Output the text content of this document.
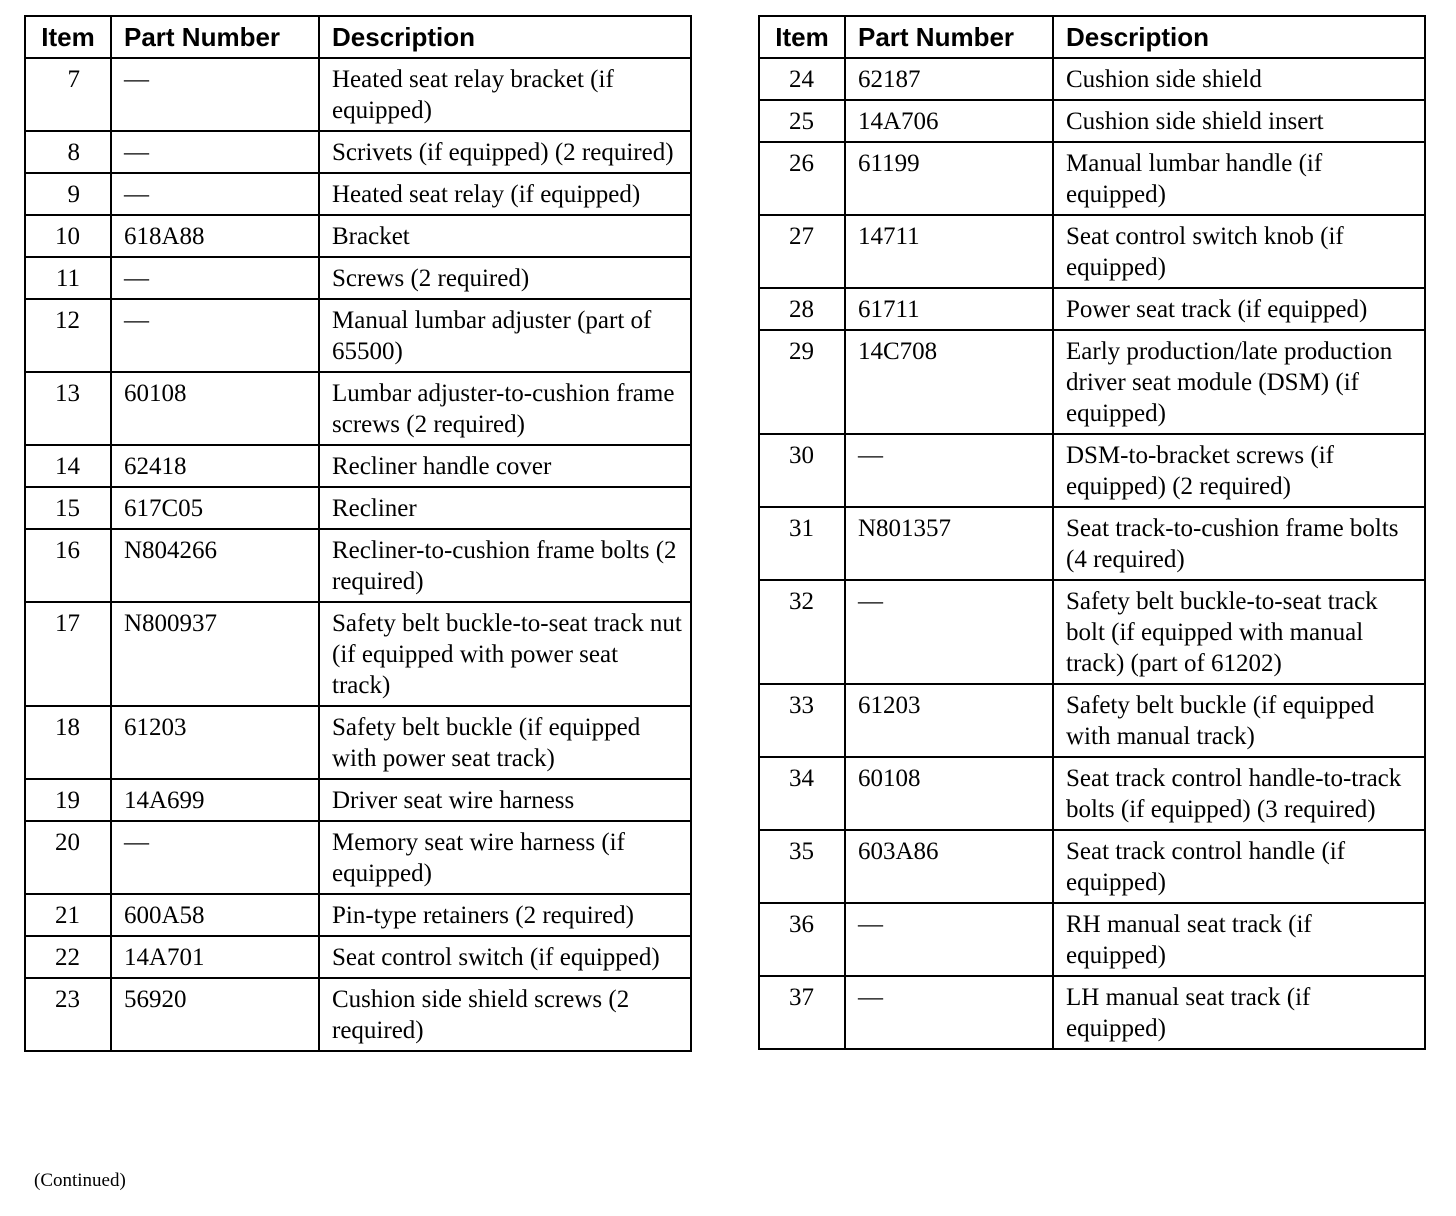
Item	Part Number	Description
7	—	Heated seat relay bracket (if equipped)
8	—	Scrivets (if equipped) (2 required)
9	—	Heated seat relay (if equipped)
10	618A88	Bracket
11	—	Screws (2 required)
12	—	Manual lumbar adjuster (part of 65500)
13	60108	Lumbar adjuster-to-cushion frame screws (2 required)
14	62418	Recliner handle cover
15	617C05	Recliner
16	N804266	Recliner-to-cushion frame bolts (2 required)
17	N800937	Safety belt buckle-to-seat track nut (if equipped with power seat track)
18	61203	Safety belt buckle (if equipped with power seat track)
19	14A699	Driver seat wire harness
20	—	Memory seat wire harness (if equipped)
21	600A58	Pin-type retainers (2 required)
22	14A701	Seat control switch (if equipped)
23	56920	Cushion side shield screws (2 required)
Item	Part Number	Description
24	62187	Cushion side shield
25	14A706	Cushion side shield insert
26	61199	Manual lumbar handle (if equipped)
27	14711	Seat control switch knob (if equipped)
28	61711	Power seat track (if equipped)
29	14C708	Early production/late production driver seat module (DSM) (if equipped)
30	—	DSM-to-bracket screws (if equipped) (2 required)
31	N801357	Seat track-to-cushion frame bolts (4 required)
32	—	Safety belt buckle-to-seat track bolt (if equipped with manual track) (part of 61202)
33	61203	Safety belt buckle (if equipped with manual track)
34	60108	Seat track control handle-to-track bolts (if equipped) (3 required)
35	603A86	Seat track control handle (if equipped)
36	—	RH manual seat track (if equipped)
37	—	LH manual seat track (if equipped)
(Continued)
